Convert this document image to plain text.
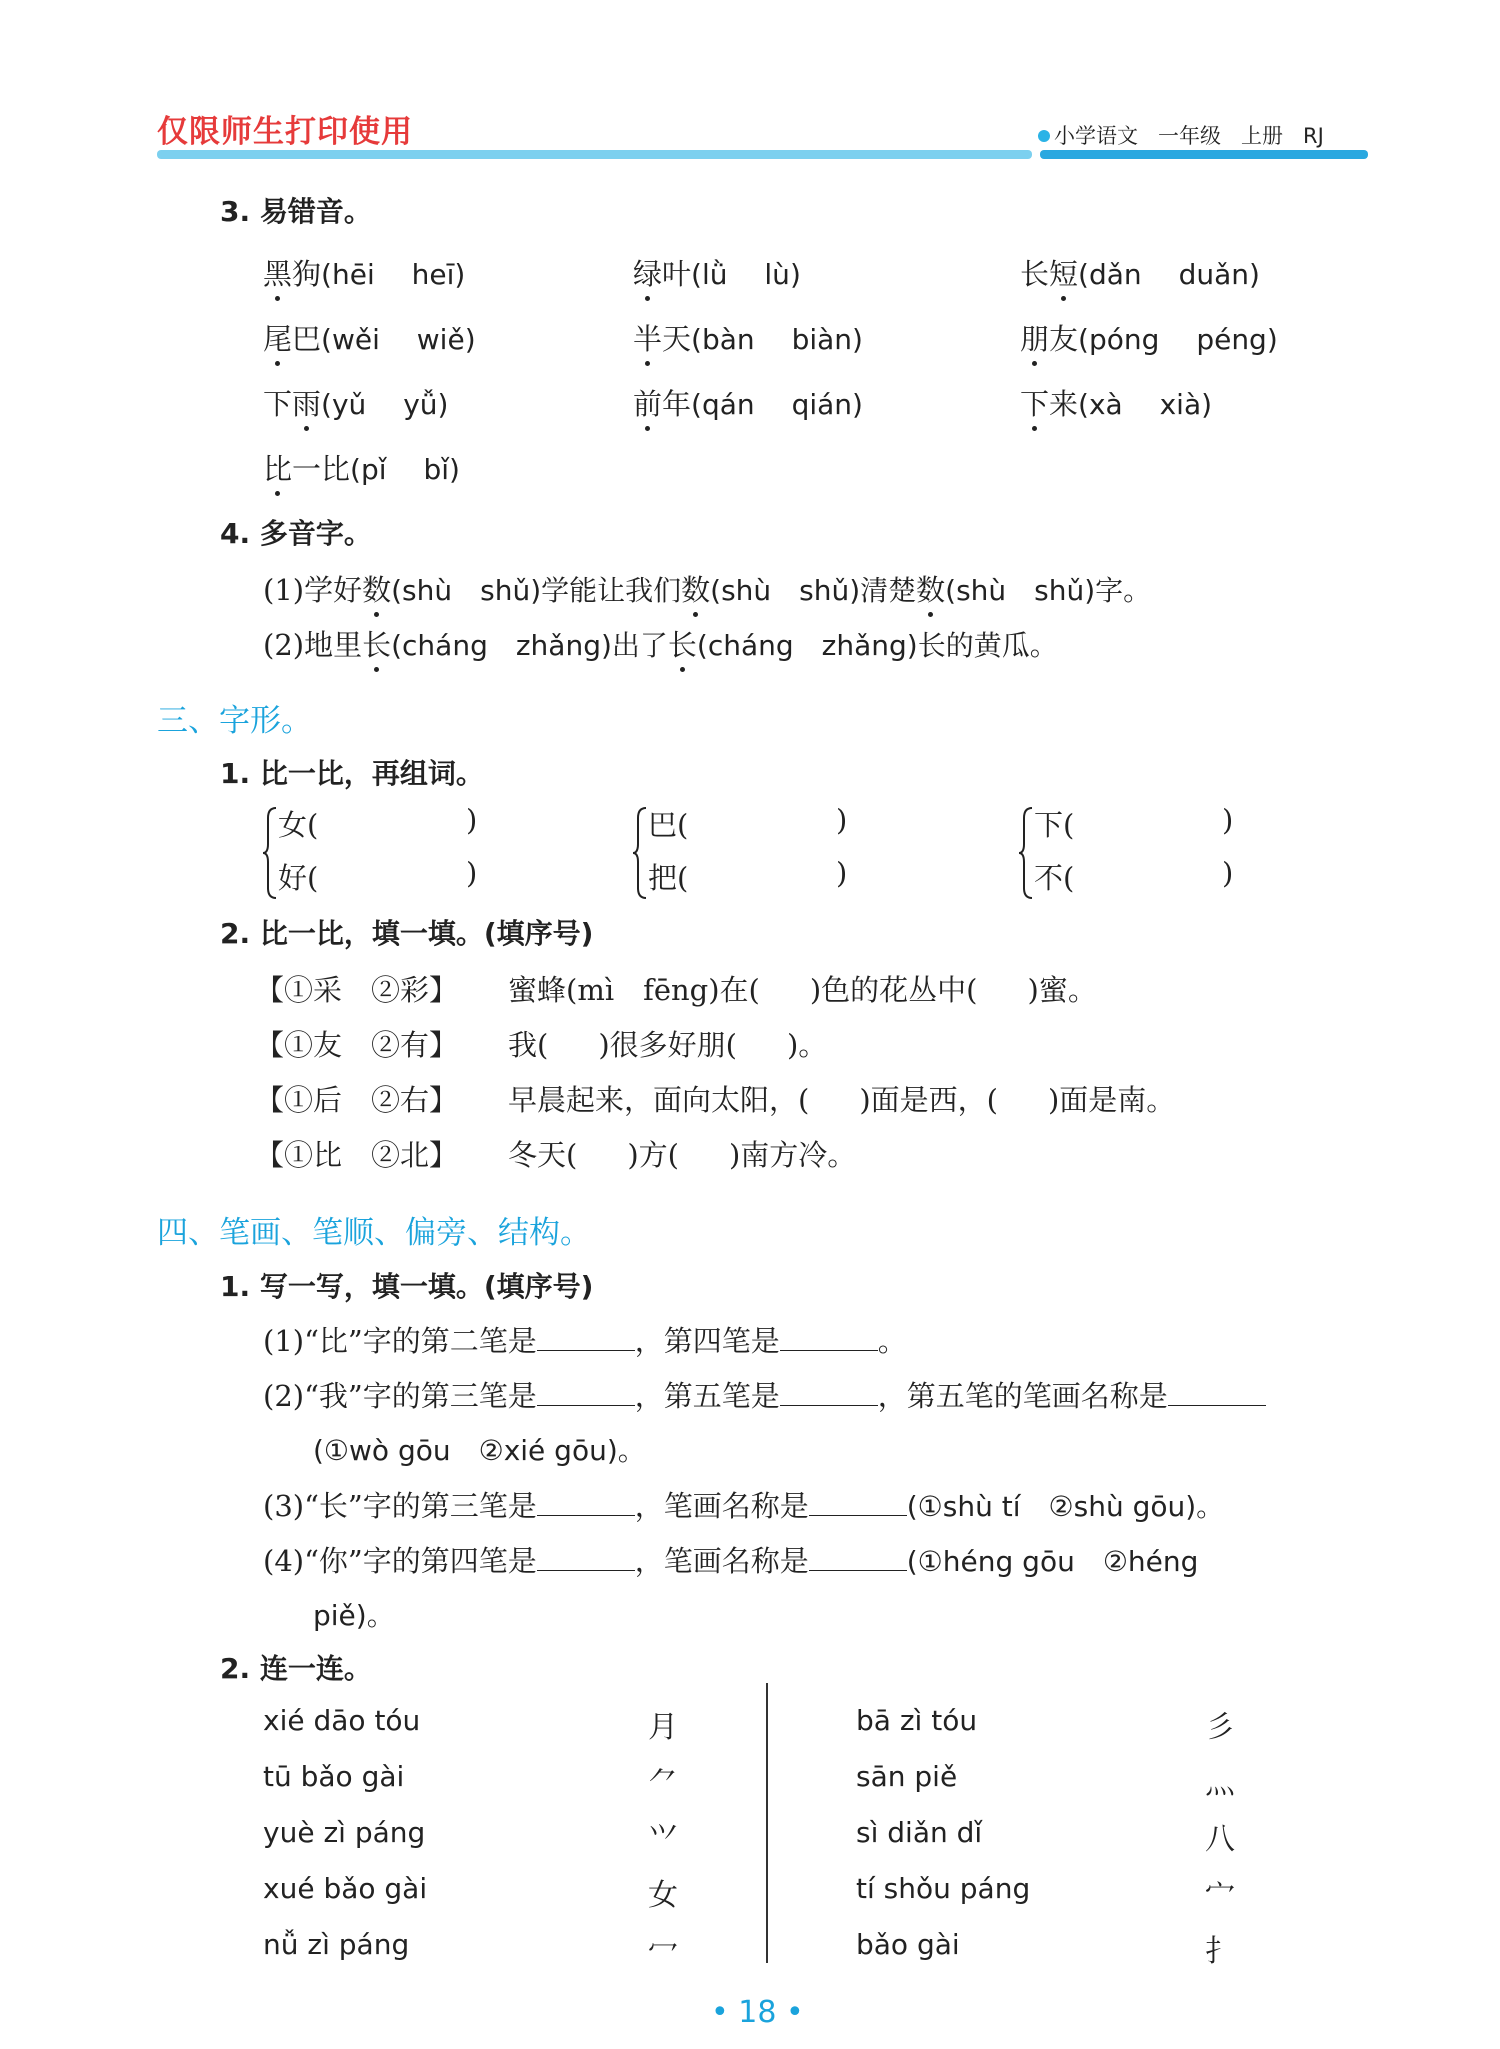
仅限师生打印使用	小学语文 一年级 上册 RJ
3. 易错音。
黑狗(hēi　 heī)	绿叶(lǜ　 lù)	长短(dǎn　 duǎn)
尾巴(wěi　 wiě)	半天(bàn　 biàn)	朋友(póng　 péng)
下雨(yǔ　 yǚ)	前年(qán　 qián)	下来(xà　 xià)
比一比(pǐ　 bǐ)
4. 多音字。
(1)学好数(shù　shǔ)学能让我们数(shù　shǔ)清楚数(shù　shǔ)字。
(2)地里长(cháng　zhǎng)出了长(cháng　zhǎng)长的黄瓜。
三、字形。
1. 比一比，再组词。
女(	)
好(	)
巴(	)
把(	)
下(	)
不(	)
2. 比一比，填一填。(填序号)
【①采　②彩】 蜜蜂(mì　fēng)在( )色的花丛中( )蜜。
【①友　②有】 我( )很多好朋( )。
【①后　②右】 早晨起来，面向太阳，( )面是西，( )面是南。
【①比　②北】 冬天( )方( )南方冷。
四、笔画、笔顺、偏旁、结构。
1. 写一写，填一填。(填序号)
(1)“比”字的第二笔是	，第四笔是	。
(2)“我”字的第三笔是	，第五笔是	，第五笔的笔画名称是
(①wò gōu　②xié gōu)。
(3)“长”字的第三笔是	，笔画名称是	(①shù tí　②shù gōu)。
(4)“你”字的第四笔是	，笔画名称是	(①héng gōu　②héng
piě)。
2. 连一连。
xié dāo tóu
tū bǎo gài
yuè zì páng
xué bǎo gài
nǚ zì páng
月
⺈
⺍
女
冖
bā zì tóu
sān piě
sì diǎn dǐ
tí shǒu páng
bǎo gài
彡
灬
八
宀
扌
• 18 •
